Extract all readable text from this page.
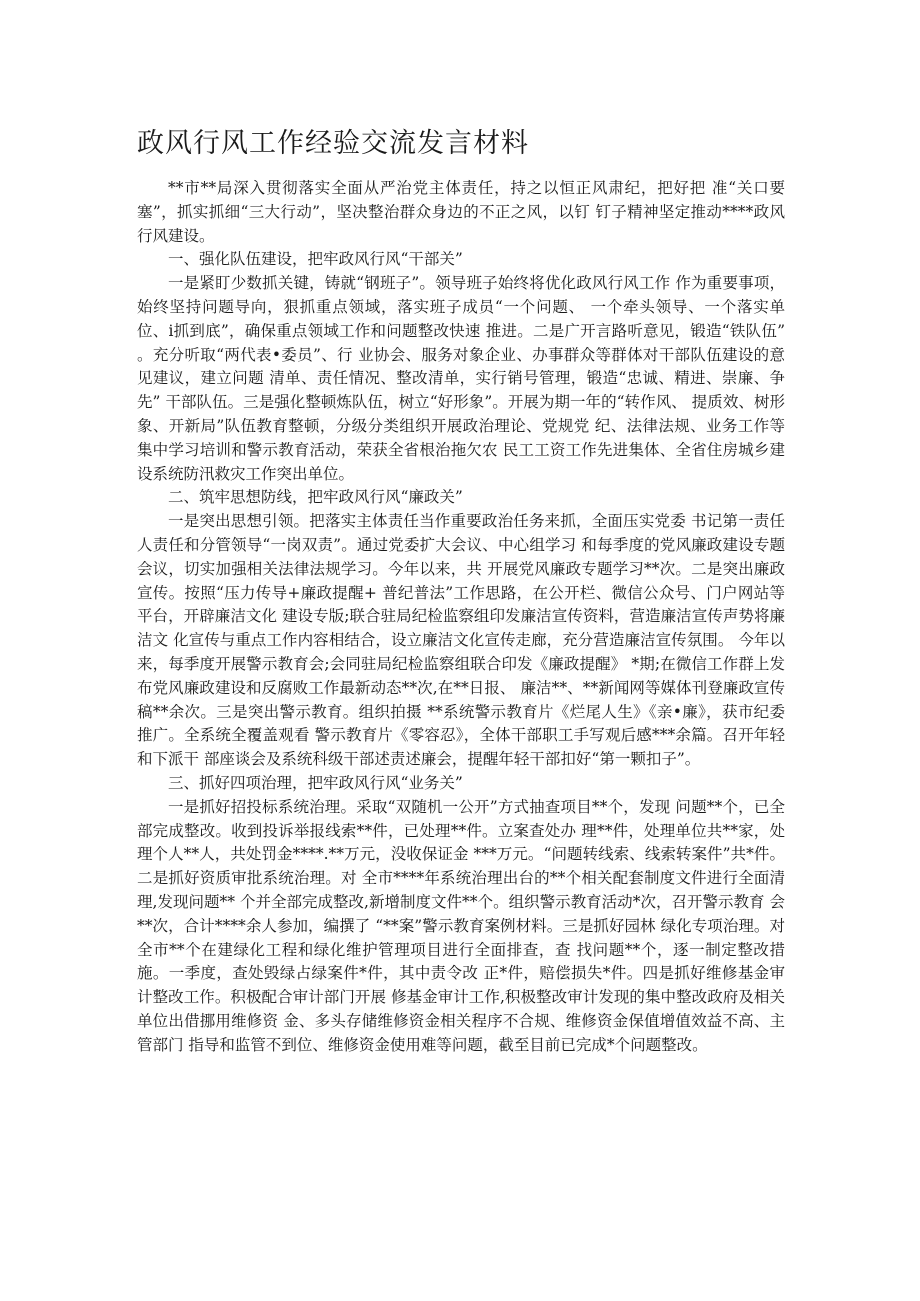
政风行风工作经验交流发言材料

**市**局深入贯彻落实全面从严治党主体责任，持之以恒正风肃纪，把好把 准“关口要塞”，抓实抓细“三大行动”，坚决整治群众身边的不正之风，以钉 钉子精神坚定推动****政风行风建设。

一、强化队伍建设，把牢政风行风“干部关”

一是紧盯少数抓关键，铸就“钢班子”。领导班子始终将优化政风行风工作 作为重要事项，始终坚持问题导向，狠抓重点领域，落实班子成员“一个问题、 一个牵头领导、一个落实单位、i抓到底”，确保重点领域工作和问题整改快速 推进。二是广开言路听意见，锻造“铁队伍” 。充分听取“两代表•委员”、行 业协会、服务对象企业、办事群众等群体对干部队伍建设的意见建议，建立问题 清单、责任情况、整改清单，实行销号管理，锻造“忠诚、精进、崇廉、争先” 干部队伍。三是强化整顿炼队伍，树立“好形象”。开展为期一年的“转作风、 提质效、树形象、开新局”队伍教育整顿，分级分类组织开展政治理论、党规党 纪、法律法规、业务工作等集中学习培训和警示教育活动，荣获全省根治拖欠农 民工工资工作先进集体、全省住房城乡建设系统防汛救灾工作突出单位。

二、筑牢思想防线，把牢政风行风“廉政关”

一是突出思想引领。把落实主体责任当作重要政治任务来抓，全面压实党委 书记第一责任人责任和分管领导“一岗双责”。通过党委扩大会议、中心组学习 和每季度的党风廉政建设专题会议，切实加强相关法律法规学习。今年以来，共 开展党风廉政专题学习**次。二是突出廉政宣传。按照“压力传导+廉政提醒+ 普纪普法”工作思路，在公开栏、微信公众号、门户网站等平台，开辟廉洁文化 建设专版;联合驻局纪检监察组印发廉洁宣传资料，营造廉洁宣传声势将廉洁文 化宣传与重点工作内容相结合，设立廉洁文化宣传走廊，充分营造廉洁宣传氛围。 今年以来，每季度开展警示教育会;会同驻局纪检监察组联合印发《廉政提醒》 *期;在微信工作群上发布党风廉政建设和反腐败工作最新动态**次,在**日报、 廉洁**、**新闻网等媒体刊登廉政宣传稿**余次。三是突出警示教育。组织拍摄 **系统警示教育片《烂尾人生》《亲•廉》，获市纪委推广。全系统全覆盖观看 警示教育片《零容忍》，全体干部职工手写观后感***余篇。召开年轻和下派干 部座谈会及系统科级干部述责述廉会，提醒年轻干部扣好“第一颗扣子”。

三、抓好四项治理，把牢政风行风“业务关”

一是抓好招投标系统治理。采取“双随机一公开”方式抽查项目**个，发现 问题**个，已全部完成整改。收到投诉举报线索**件，已处理**件。立案查处办 理**件，处理单位共**家，处理个人**人，共处罚金****.**万元，没收保证金 ***万元。“问题转线索、线索转案件”共*件。二是抓好资质审批系统治理。对 全市****年系统治理出台的**个相关配套制度文件进行全面清理,发现问题** 个并全部完成整改,新增制度文件**个。组织警示教育活动*次，召开警示教育 会**次，合计****余人参加，编撰了 “**案”警示教育案例材料。三是抓好园林 绿化专项治理。对全市**个在建绿化工程和绿化维护管理项目进行全面排查，查 找问题**个，逐一制定整改措施。一季度，查处毁绿占绿案件*件，其中责令改 正*件，赔偿损失*件。四是抓好维修基金审计整改工作。积极配合审计部门开展 修基金审计工作,积极整改审计发现的集中整改政府及相关单位出借挪用维修资 金、多头存储维修资金相关程序不合规、维修资金保值增值效益不高、主管部门 指导和监管不到位、维修资金使用难等问题，截至目前已完成*个问题整改。
